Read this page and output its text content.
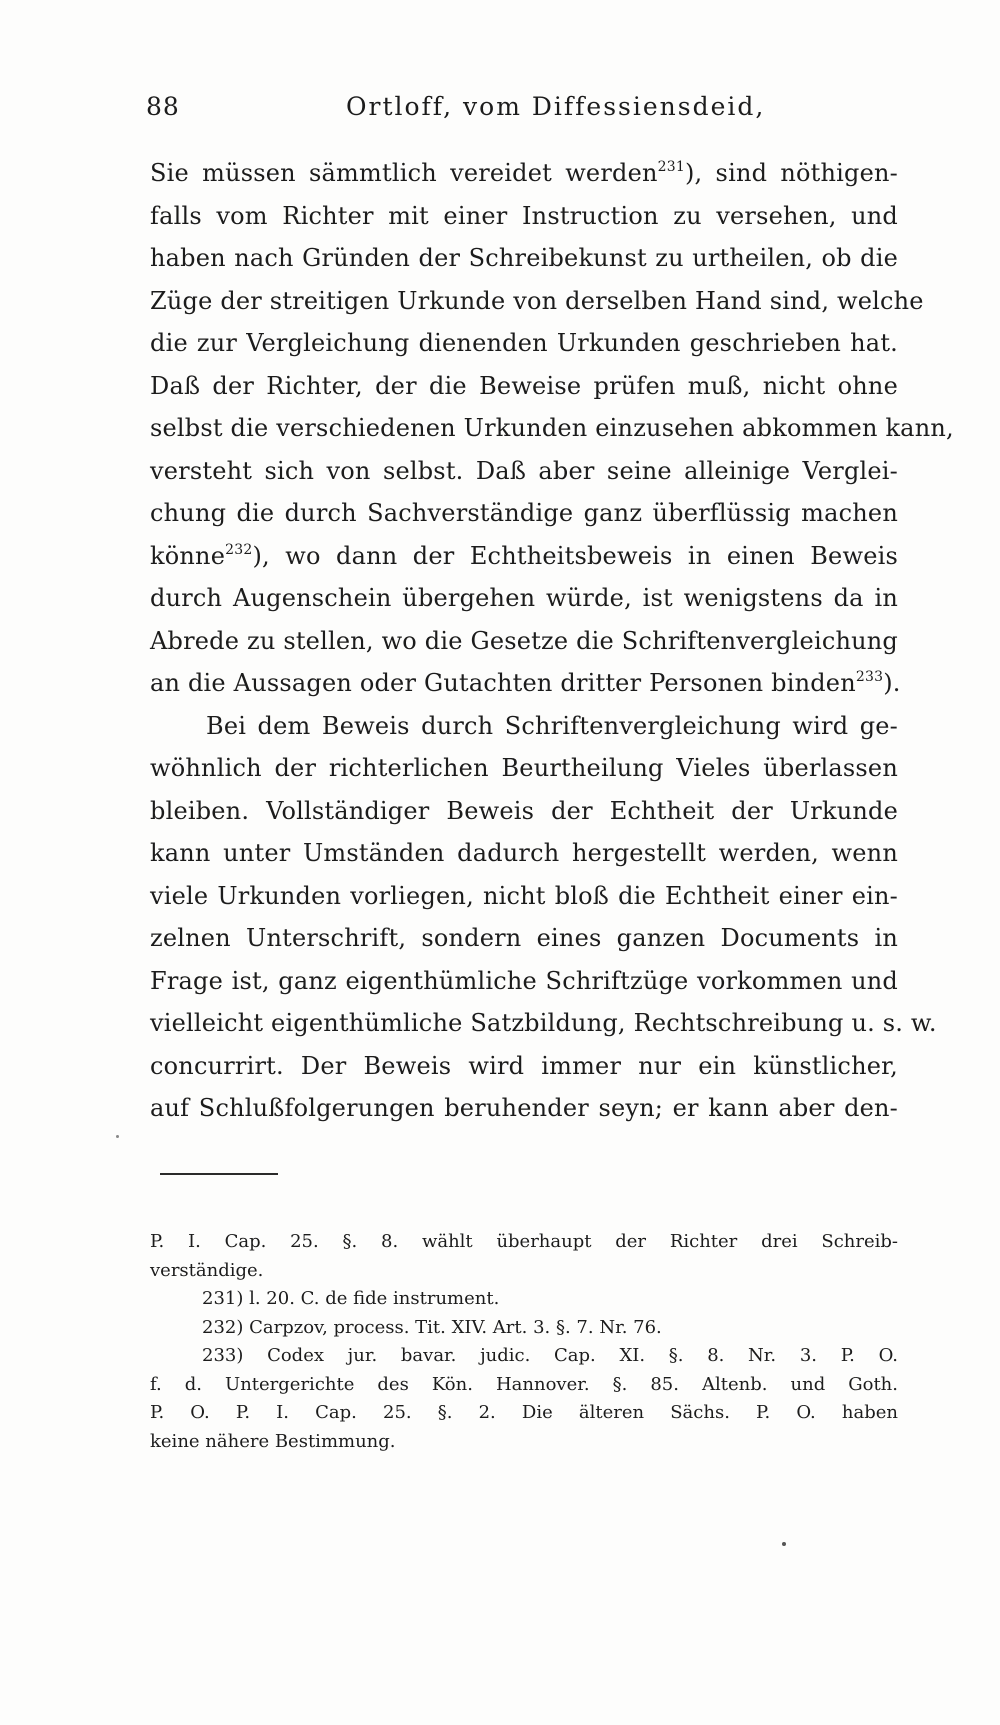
88	Ortloff, vom Diffessiensdeid,
Sie müssen sämmtlich vereidet werden$^{231}$), sind nöthigen-
falls vom Richter mit einer Instruction zu versehen, und
haben nach Gründen der Schreibekunst zu urtheilen, ob die
Züge der streitigen Urkunde von derselben Hand sind, welche
die zur Vergleichung dienenden Urkunden geschrieben hat.
Daß der Richter, der die Beweise prüfen muß, nicht ohne
selbst die verschiedenen Urkunden einzusehen abkommen kann,
versteht sich von selbst. Daß aber seine alleinige Verglei-
chung die durch Sachverständige ganz überflüssig machen
könne$^{232}$), wo dann der Echtheitsbeweis in einen Beweis
durch Augenschein übergehen würde, ist wenigstens da in
Abrede zu stellen, wo die Gesetze die Schriftenvergleichung
an die Aussagen oder Gutachten dritter Personen binden$^{233}$).
Bei dem Beweis durch Schriftenvergleichung wird ge-
wöhnlich der richterlichen Beurtheilung Vieles überlassen
bleiben. Vollständiger Beweis der Echtheit der Urkunde
kann unter Umständen dadurch hergestellt werden, wenn
viele Urkunden vorliegen, nicht bloß die Echtheit einer ein-
zelnen Unterschrift, sondern eines ganzen Documents in
Frage ist, ganz eigenthümliche Schriftzüge vorkommen und
vielleicht eigenthümliche Satzbildung, Rechtschreibung u. s. w.
concurrirt. Der Beweis wird immer nur ein künstlicher,
auf Schlußfolgerungen beruhender seyn; er kann aber den-
P. I. Cap. 25. §. 8. wählt überhaupt der Richter drei Schreib-
verständige.
231) l. 20. C. de fide instrument.
232) Carpzov, process. Tit. XIV. Art. 3. §. 7. Nr. 76.
233) Codex jur. bavar. judic. Cap. XI. §. 8. Nr. 3. P. O.
f. d. Untergerichte des Kön. Hannover. §. 85. Altenb. und Goth.
P. O. P. I. Cap. 25. §. 2. Die älteren Sächs. P. O. haben
keine nähere Bestimmung.
